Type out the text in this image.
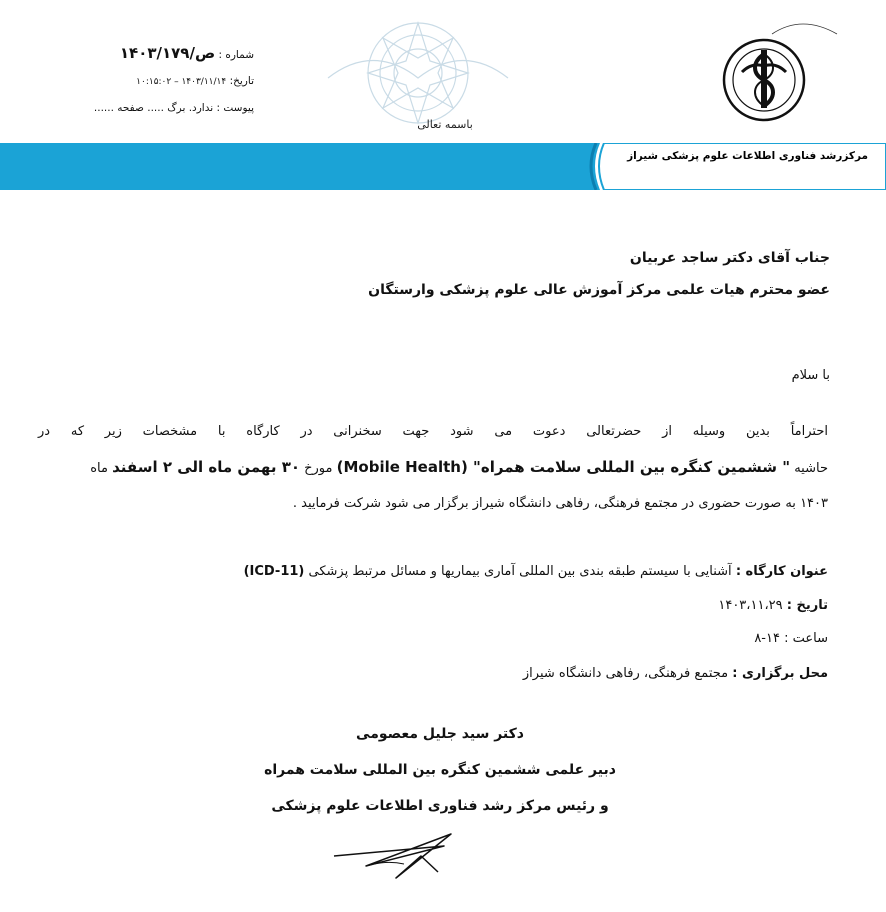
مرکزرشد فناوری اطلاعات علوم پزشکی شیراز
باسمه تعالی
شماره : ص/۱۴۰۳/۱۷۹
تاریخ: ۱۴۰۳/۱۱/۱۴ – ۱۰:۱۵:۰۲
پیوست : ندارد. برگ ..... صفحه ......
جناب آقای دکتر ساجد عربیان
عضو محترم هیات علمی مرکز آموزش عالی علوم پزشکی وارستگان
با سلام
احتراماً بدین وسیله از حضرتعالی دعوت می شود جهت سخنرانی در کارگاه با مشخصات زیر که در
حاشیه " ششمین کنگره بین المللی سلامت همراه" (Mobile Health) مورخ ۳۰ بهمن ماه الی ۲ اسفند ماه
۱۴۰۳ به صورت حضوری در مجتمع فرهنگی، رفاهی دانشگاه شیراز برگزار می شود شرکت فرمایید .
عنوان کارگاه : آشنایی با سیستم طبقه بندی بین المللی آماری بیماریها و مسائل مرتبط پزشکی (ICD-11)
تاریخ : ۱۴۰۳،۱۱،۲۹
ساعت : ۱۴-۸
محل برگزاری : مجتمع فرهنگی، رفاهی دانشگاه شیراز
دکتر سید جلیل معصومی
دبیر علمی ششمین کنگره بین المللی سلامت همراه
و رئیس مرکز رشد فناوری اطلاعات علوم پزشکی
